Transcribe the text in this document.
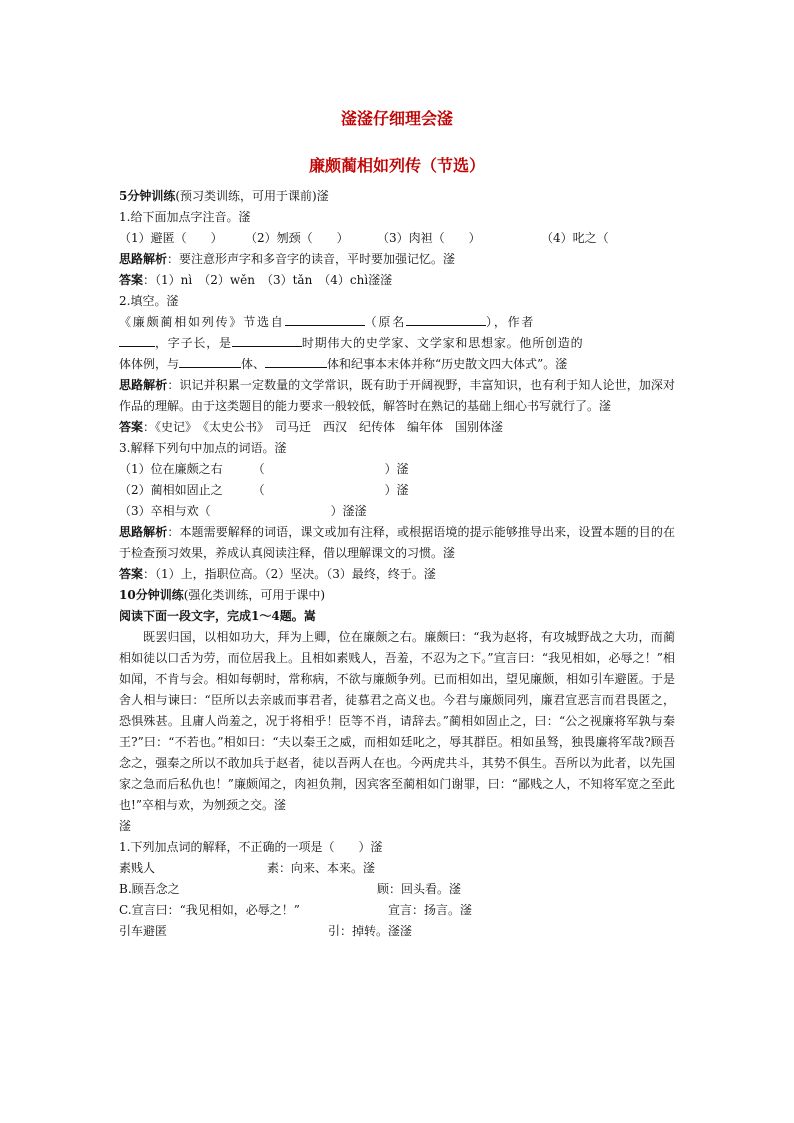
滏滏仔细理会滏
廉颇蔺相如列传（节选）

5分钟训练(预习类训练，可用于课前)滏

1.给下面加点字注音。滏

（1）避匿（　　） （2）刎颈（　　） （3）肉袒（　　）	（4）叱之（

思路解析：要注意形声字和多音字的读音，平时要加强记忆。滏

答案：（1）nì　（2）wěn　（3）tǎn　（4）chì滏滏

2.填空。滏

《廉颇蔺相如列传》节选自	（原名	），作者

，字子长，是	时期伟大的史学家、文学家和思想家。他所创造的

体体例，与	体、	体和纪事本末体并称“历史散文四大体式”。滏

思路解析：识记并积累一定数量的文学常识，既有助于开阔视野，丰富知识，也有利于知人论世，加深对作品的理解。由于这类题目的能力要求一般较低，解答时在熟记的基础上细心书写就行了。滏

答案：《史记》　《太史公书》　司马迁　西汉　纪传体　编年体　国别体滏

3.解释下列句中加点的词语。滏

（1）位在廉颇之右　　　（　　　　　　　　　　）滏

（2）蔺相如固止之　　　（　　　　　　　　　　）滏

（3）卒相与欢（　　　　　　　　　　）滏滏

思路解析：本题需要解释的词语，课文或加有注释，或根据语境的提示能够推导出来，设置本题的目的在于检查预习效果，养成认真阅读注释，借以理解课文的习惯。滏

答案：（1）上，指职位高。（2）坚决。（3）最终，终于。滏

10分钟训练(强化类训练，可用于课中)

阅读下面一段文字，完成1～4题。嵩

既罢归国，以相如功大，拜为上卿，位在廉颇之右。廉颇曰：“我为赵将，有攻城野战之大功，而蔺相如徒以口舌为劳，而位居我上。且相如素贱人，吾羞，不忍为之下。”宣言曰：“我见相如，必辱之！”相如闻，不肯与会。相如每朝时，常称病，不欲与廉颇争列。已而相如出，望见廉颇，相如引车避匿。于是舍人相与谏曰：“臣所以去亲戚而事君者，徒慕君之高义也。今君与廉颇同列，廉君宣恶言而君畏匿之，恐惧殊甚。且庸人尚羞之，况于将相乎！臣等不肖，请辞去。”蔺相如固止之，曰：“公之视廉将军孰与秦王?”曰：“不若也。”相如曰：“夫以秦王之威，而相如廷叱之，辱其群臣。相如虽驽，独畏廉将军哉?顾吾念之，强秦之所以不敢加兵于赵者，徒以吾两人在也。今两虎共斗，其势不俱生。吾所以为此者，以先国家之急而后私仇也！”廉颇闻之，肉袒负荆，因宾客至蔺相如门谢罪，曰：“鄙贱之人，不知将军宽之至此也!”卒相与欢，为刎颈之交。滏

滏

1.下列加点词的解释，不正确的一项是（　　）滏

素贱人	素：向来、本来。滏

B.顾吾念之	顾：回头看。滏

C.宣言曰：“我见相如，必辱之！”	宣言：扬言。滏

引车避匿	引：掉转。滏滏
